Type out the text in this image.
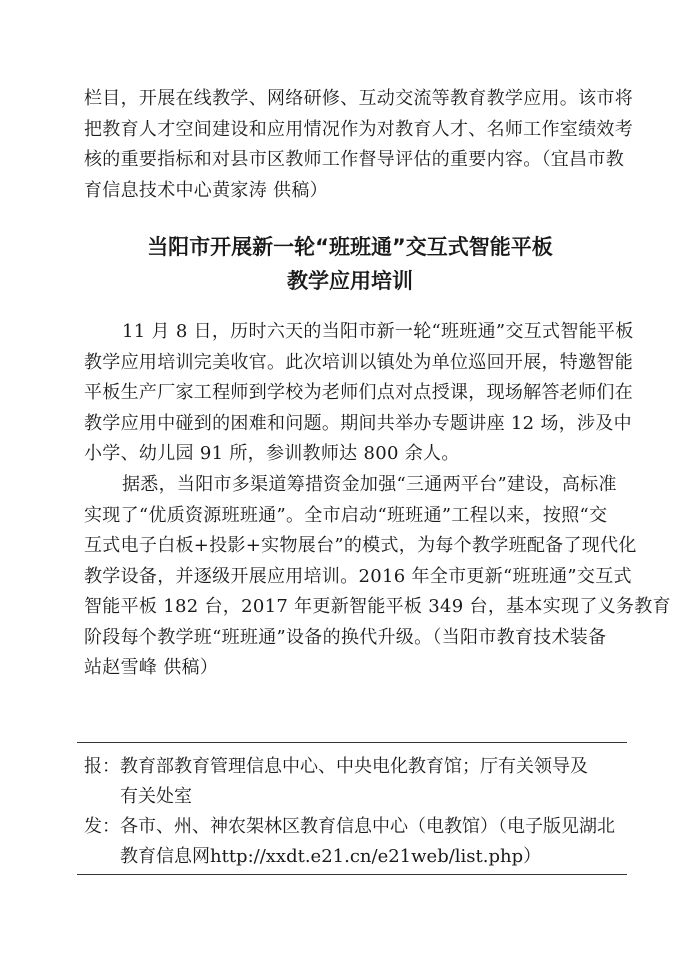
栏目，开展在线教学、网络研修、互动交流等教育教学应用。该市将
把教育人才空间建设和应用情况作为对教育人才、名师工作室绩效考
核的重要指标和对县市区教师工作督导评估的重要内容。（宜昌市教
育信息技术中心黄家涛 供稿）
当阳市开展新一轮“班班通”交互式智能平板
教学应用培训
11 月 8 日，历时六天的当阳市新一轮“班班通”交互式智能平板
教学应用培训完美收官。此次培训以镇处为单位巡回开展，特邀智能
平板生产厂家工程师到学校为老师们点对点授课，现场解答老师们在
教学应用中碰到的困难和问题。期间共举办专题讲座 12 场，涉及中
小学、幼儿园 91 所，参训教师达 800 余人。
据悉，当阳市多渠道筹措资金加强“三通两平台”建设，高标准
实现了“优质资源班班通”。全市启动“班班通”工程以来，按照“交
互式电子白板+投影+实物展台”的模式，为每个教学班配备了现代化
教学设备，并逐级开展应用培训。2016 年全市更新“班班通”交互式
智能平板 182 台，2017 年更新智能平板 349 台，基本实现了义务教育
阶段每个教学班“班班通”设备的换代升级。（当阳市教育技术装备
站赵雪峰 供稿）
报：教育部教育管理信息中心、中央电化教育馆；厅有关领导及
有关处室
发：各市、州、神农架林区教育信息中心（电教馆）（电子版见湖北
教育信息网http://xxdt.e21.cn/e21web/list.php）
